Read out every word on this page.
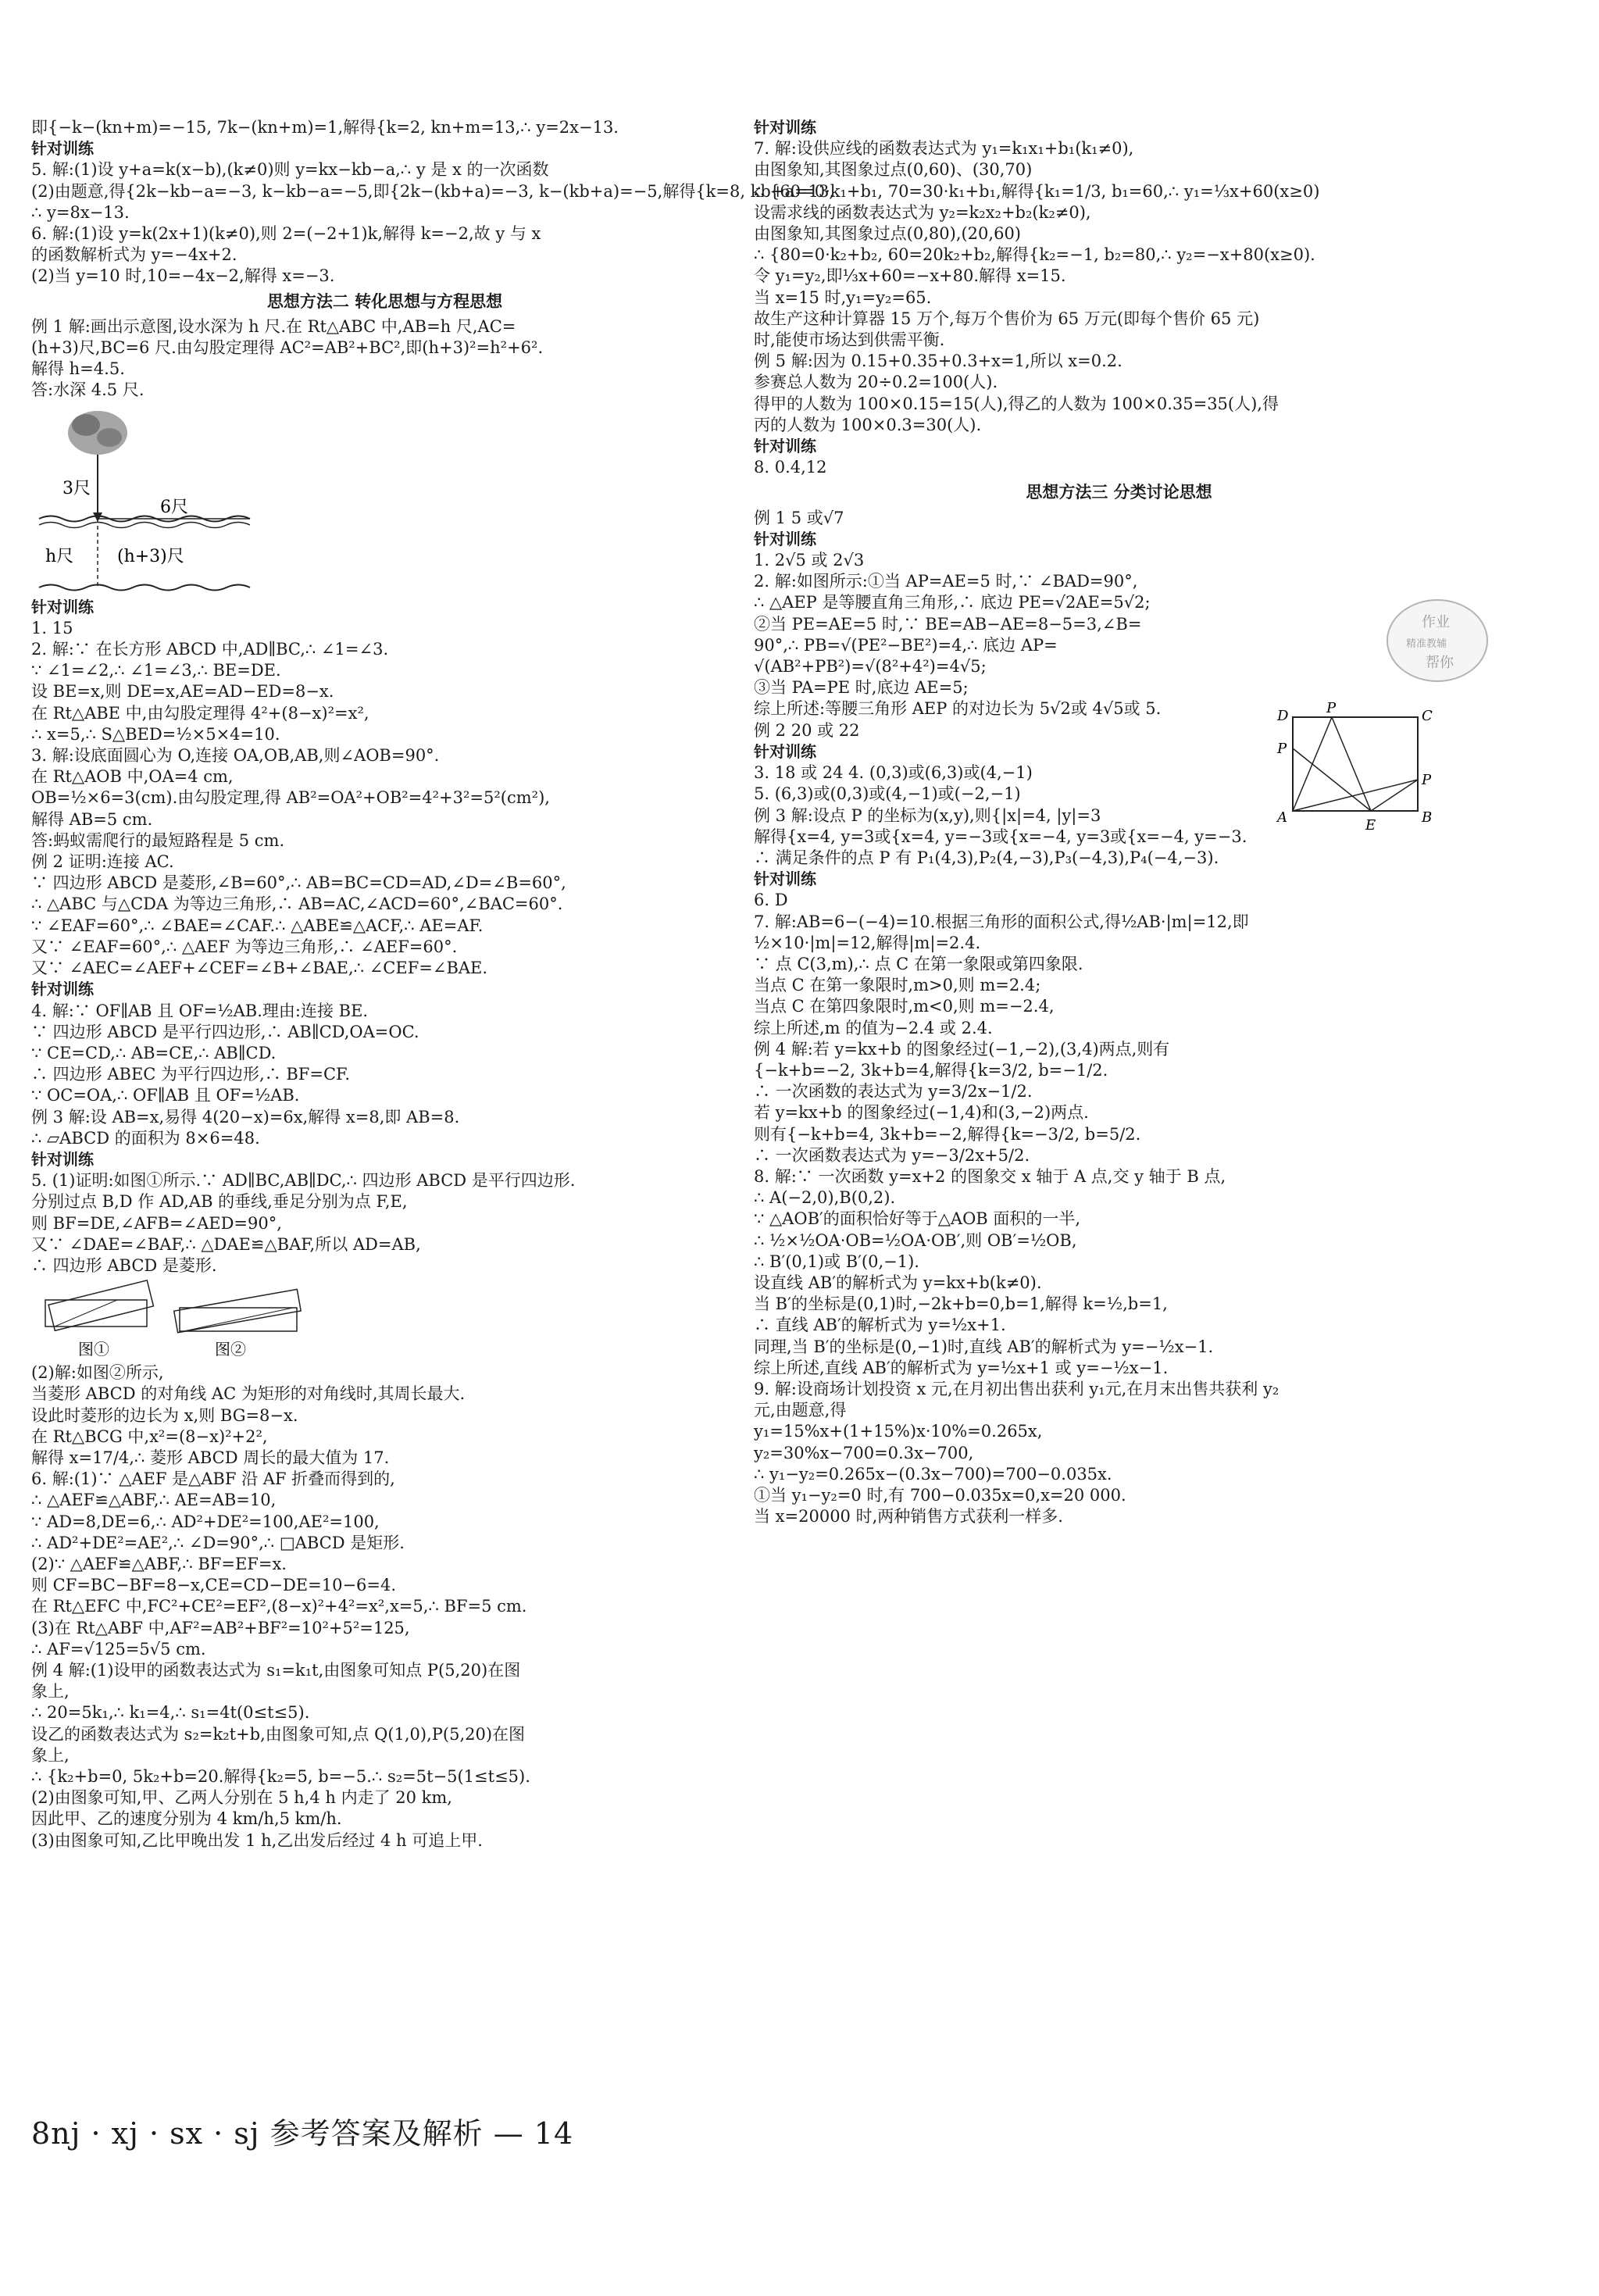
即{−k−(kn+m)=−15, 7k−(kn+m)=1,解得{k=2, kn+m=13,∴ y=2x−13.
针对训练
5. 解:(1)设 y+a=k(x−b),(k≠0)则 y=kx−kb−a,∴ y 是 x 的一次函数
(2)由题意,得{2k−kb−a=−3, k−kb−a=−5,即{2k−(kb+a)=−3, k−(kb+a)=−5,解得{k=8, kb+a=13,
∴ y=8x−13.
6. 解:(1)设 y=k(2x+1)(k≠0),则 2=(−2+1)k,解得 k=−2,故 y 与 x
的函数解析式为 y=−4x+2.
(2)当 y=10 时,10=−4x−2,解得 x=−3.
思想方法二 转化思想与方程思想
例 1 解:画出示意图,设水深为 h 尺.在 Rt△ABC 中,AB=h 尺,AC=
(h+3)尺,BC=6 尺.由勾股定理得 AC²=AB²+BC²,即(h+3)²=h²+6².
解得 h=4.5.
答:水深 4.5 尺.
3尺
6尺
h尺	(h+3)尺
针对训练
1. 15
2. 解:∵ 在长方形 ABCD 中,AD∥BC,∴ ∠1=∠3.
∵ ∠1=∠2,∴ ∠1=∠3,∴ BE=DE.
设 BE=x,则 DE=x,AE=AD−ED=8−x.
在 Rt△ABE 中,由勾股定理得 4²+(8−x)²=x²,
∴ x=5,∴ S△BED=½×5×4=10.
3. 解:设底面圆心为 O,连接 OA,OB,AB,则∠AOB=90°.
在 Rt△AOB 中,OA=4 cm,
OB=½×6=3(cm).由勾股定理,得 AB²=OA²+OB²=4²+3²=5²(cm²),
解得 AB=5 cm.
答:蚂蚁需爬行的最短路程是 5 cm.
例 2 证明:连接 AC.
∵ 四边形 ABCD 是菱形,∠B=60°,∴ AB=BC=CD=AD,∠D=∠B=60°,
∴ △ABC 与△CDA 为等边三角形,∴ AB=AC,∠ACD=60°,∠BAC=60°.
∵ ∠EAF=60°,∴ ∠BAE=∠CAF.∴ △ABE≌△ACF,∴ AE=AF.
又∵ ∠EAF=60°,∴ △AEF 为等边三角形,∴ ∠AEF=60°.
又∵ ∠AEC=∠AEF+∠CEF=∠B+∠BAE,∴ ∠CEF=∠BAE.
针对训练
4. 解:∵ OF∥AB 且 OF=½AB.理由:连接 BE.
∵ 四边形 ABCD 是平行四边形,∴ AB∥CD,OA=OC.
∵ CE=CD,∴ AB=CE,∴ AB∥CD.
∴ 四边形 ABEC 为平行四边形,∴ BF=CF.
∵ OC=OA,∴ OF∥AB 且 OF=½AB.
例 3 解:设 AB=x,易得 4(20−x)=6x,解得 x=8,即 AB=8.
∴ ▱ABCD 的面积为 8×6=48.
针对训练
5. (1)证明:如图①所示.∵ AD∥BC,AB∥DC,∴ 四边形 ABCD 是平行四边形.
分别过点 B,D 作 AD,AB 的垂线,垂足分别为点 F,E,
则 BF=DE,∠AFB=∠AED=90°,
又∵ ∠DAE=∠BAF,∴ △DAE≌△BAF,所以 AD=AB,
∴ 四边形 ABCD 是菱形.
图①	图②
(2)解:如图②所示,
当菱形 ABCD 的对角线 AC 为矩形的对角线时,其周长最大.
设此时菱形的边长为 x,则 BG=8−x.
在 Rt△BCG 中,x²=(8−x)²+2²,
解得 x=17/4,∴ 菱形 ABCD 周长的最大值为 17.
6. 解:(1)∵ △AEF 是△ABF 沿 AF 折叠而得到的,
∴ △AEF≌△ABF,∴ AE=AB=10,
∵ AD=8,DE=6,∴ AD²+DE²=100,AE²=100,
∴ AD²+DE²=AE²,∴ ∠D=90°,∴ □ABCD 是矩形.
(2)∵ △AEF≌△ABF,∴ BF=EF=x.
则 CF=BC−BF=8−x,CE=CD−DE=10−6=4.
在 Rt△EFC 中,FC²+CE²=EF²,(8−x)²+4²=x²,x=5,∴ BF=5 cm.
(3)在 Rt△ABF 中,AF²=AB²+BF²=10²+5²=125,
∴ AF=√125=5√5 cm.
例 4 解:(1)设甲的函数表达式为 s₁=k₁t,由图象可知点 P(5,20)在图
象上,
∴ 20=5k₁,∴ k₁=4,∴ s₁=4t(0≤t≤5).
设乙的函数表达式为 s₂=k₂t+b,由图象可知,点 Q(1,0),P(5,20)在图
象上,
∴ {k₂+b=0, 5k₂+b=20.解得{k₂=5, b=−5.∴ s₂=5t−5(1≤t≤5).
(2)由图象可知,甲、乙两人分别在 5 h,4 h 内走了 20 km,
因此甲、乙的速度分别为 4 km/h,5 km/h.
(3)由图象可知,乙比甲晚出发 1 h,乙出发后经过 4 h 可追上甲.
针对训练
7. 解:设供应线的函数表达式为 y₁=k₁x₁+b₁(k₁≠0),
由图象知,其图象过点(0,60)、(30,70)
∴ {60=0·k₁+b₁, 70=30·k₁+b₁,解得{k₁=1/3, b₁=60,∴ y₁=⅓x+60(x≥0)
设需求线的函数表达式为 y₂=k₂x₂+b₂(k₂≠0),
由图象知,其图象过点(0,80),(20,60)
∴ {80=0·k₂+b₂, 60=20k₂+b₂,解得{k₂=−1, b₂=80,∴ y₂=−x+80(x≥0).
令 y₁=y₂,即⅓x+60=−x+80.解得 x=15.
当 x=15 时,y₁=y₂=65.
故生产这种计算器 15 万个,每万个售价为 65 万元(即每个售价 65 元)
时,能使市场达到供需平衡.
例 5 解:因为 0.15+0.35+0.3+x=1,所以 x=0.2.
参赛总人数为 20÷0.2=100(人).
得甲的人数为 100×0.15=15(人),得乙的人数为 100×0.35=35(人),得
丙的人数为 100×0.3=30(人).
针对训练
8. 0.4,12
思想方法三 分类讨论思想
例 1 5 或√7
针对训练
1. 2√5 或 2√3
2. 解:如图所示:①当 AP=AE=5 时,∵ ∠BAD=90°,
∴ △AEP 是等腰直角三角形,∴ 底边 PE=√2AE=5√2;
②当 PE=AE=5 时,∵ BE=AB−AE=8−5=3,∠B=
90°,∴ PB=√(PE²−BE²)=4,∴ 底边 AP=
√(AB²+PB²)=√(8²+4²)=4√5;
③当 PA=PE 时,底边 AE=5;
综上所述:等腰三角形 AEP 的对边长为 5√2或 4√5或 5.
例 2 20 或 22
针对训练
3. 18 或 24 4. (0,3)或(6,3)或(4,−1)
5. (6,3)或(0,3)或(4,−1)或(−2,−1)
例 3 解:设点 P 的坐标为(x,y),则{|x|=4, |y|=3
解得{x=4, y=3或{x=4, y=−3或{x=−4, y=3或{x=−4, y=−3.
∴ 满足条件的点 P 有 P₁(4,3),P₂(4,−3),P₃(−4,3),P₄(−4,−3).
针对训练
6. D
7. 解:AB=6−(−4)=10.根据三角形的面积公式,得½AB·|m|=12,即
½×10·|m|=12,解得|m|=2.4.
∵ 点 C(3,m),∴ 点 C 在第一象限或第四象限.
当点 C 在第一象限时,m>0,则 m=2.4;
当点 C 在第四象限时,m<0,则 m=−2.4,
综上所述,m 的值为−2.4 或 2.4.
例 4 解:若 y=kx+b 的图象经过(−1,−2),(3,4)两点,则有
{−k+b=−2, 3k+b=4,解得{k=3/2, b=−1/2.
∴ 一次函数的表达式为 y=3/2x−1/2.
若 y=kx+b 的图象经过(−1,4)和(3,−2)两点.
则有{−k+b=4, 3k+b=−2,解得{k=−3/2, b=5/2.
∴ 一次函数表达式为 y=−3/2x+5/2.
8. 解:∵ 一次函数 y=x+2 的图象交 x 轴于 A 点,交 y 轴于 B 点,
∴ A(−2,0),B(0,2).
∵ △AOB′的面积恰好等于△AOB 面积的一半,
∴ ½×½OA·OB=½OA·OB′,则 OB′=½OB,
∴ B′(0,1)或 B′(0,−1).
设直线 AB′的解析式为 y=kx+b(k≠0).
当 B′的坐标是(0,1)时,−2k+b=0,b=1,解得 k=½,b=1,
∴ 直线 AB′的解析式为 y=½x+1.
同理,当 B′的坐标是(0,−1)时,直线 AB′的解析式为 y=−½x−1.
综上所述,直线 AB′的解析式为 y=½x+1 或 y=−½x−1.
9. 解:设商场计划投资 x 元,在月初出售出获利 y₁元,在月末出售共获利 y₂
元,由题意,得
y₁=15%x+(1+15%)x·10%=0.265x,
y₂=30%x−700=0.3x−700,
∴ y₁−y₂=0.265x−(0.3x−700)=700−0.035x.
①当 y₁−y₂=0 时,有 700−0.035x=0,x=20 000.
当 x=20000 时,两种销售方式获利一样多.
D	C
A	B
E
P
P
P
作业
精准教辅
帮你
8nj · xj · sx · sj 参考答案及解析 — 14
